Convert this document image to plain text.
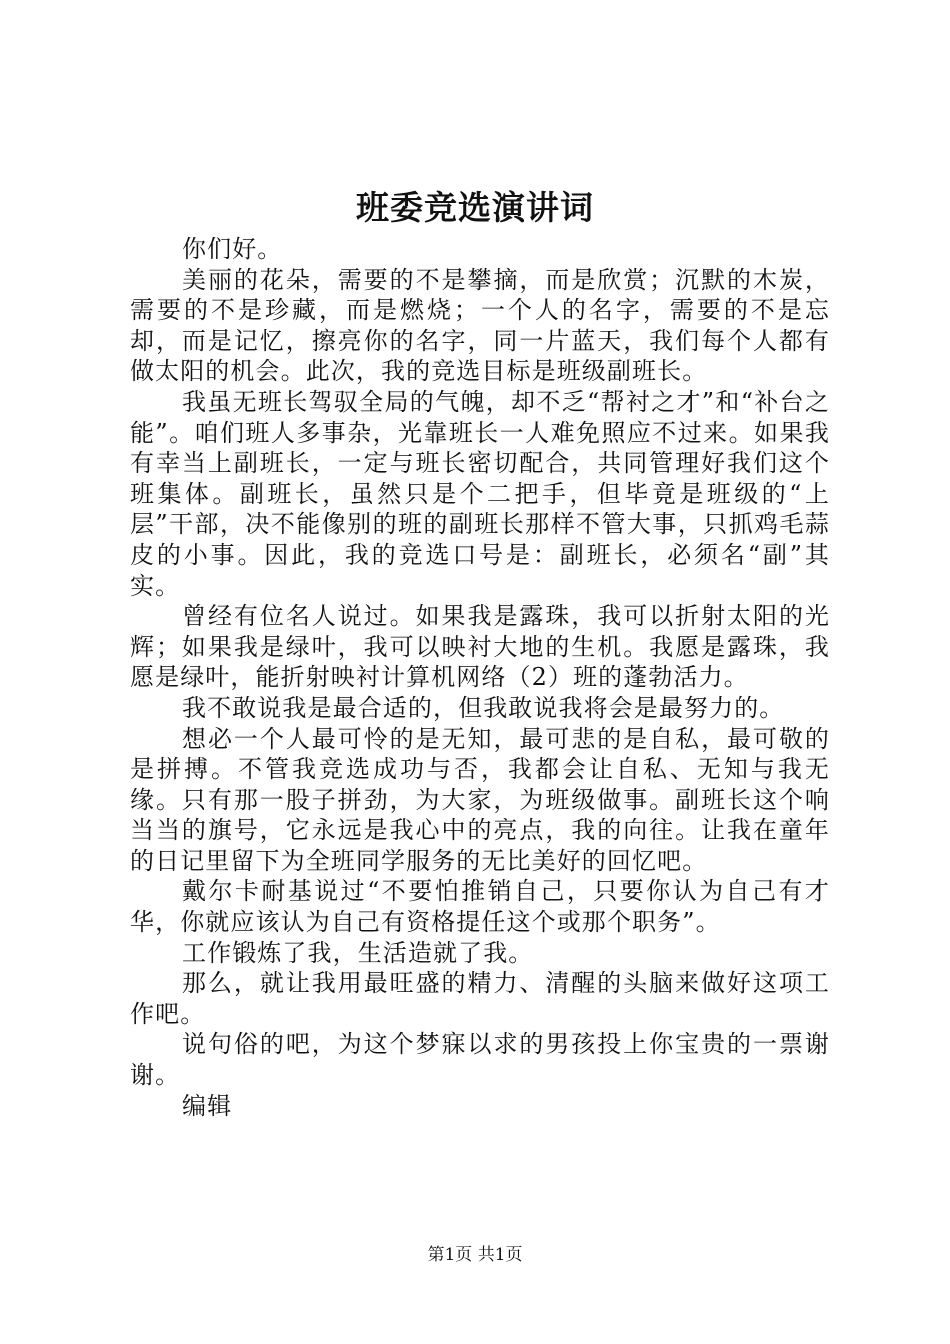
班委竞选演讲词

你们好。

美丽的花朵，需要的不是攀摘，而是欣赏；沉默的木炭，需要的不是珍藏，而是燃烧；一个人的名字，需要的不是忘却，而是记忆，擦亮你的名字，同一片蓝天，我们每个人都有做太阳的机会。此次，我的竞选目标是班级副班长。

我虽无班长驾驭全局的气魄，却不乏“帮衬之才”和“补台之能”。咱们班人多事杂，光靠班长一人难免照应不过来。如果我有幸当上副班长，一定与班长密切配合，共同管理好我们这个班集体。副班长，虽然只是个二把手，但毕竟是班级的“上层”干部，决不能像别的班的副班长那样不管大事，只抓鸡毛蒜皮的小事。因此，我的竞选口号是：副班长，必须名“副”其实。

曾经有位名人说过。如果我是露珠，我可以折射太阳的光辉；如果我是绿叶，我可以映衬大地的生机。我愿是露珠，我愿是绿叶，能折射映衬计算机网络（2）班的蓬勃活力。

我不敢说我是最合适的，但我敢说我将会是最努力的。

想必一个人最可怜的是无知，最可悲的是自私，最可敬的是拼搏。不管我竞选成功与否，我都会让自私、无知与我无缘。只有那一股子拼劲，为大家，为班级做事。副班长这个响当当的旗号，它永远是我心中的亮点，我的向往。让我在童年的日记里留下为全班同学服务的无比美好的回忆吧。

戴尔卡耐基说过“不要怕推销自己，只要你认为自己有才华，你就应该认为自己有资格提任这个或那个职务”。

工作锻炼了我，生活造就了我。

那么，就让我用最旺盛的精力、清醒的头脑来做好这项工作吧。

说句俗的吧，为这个梦寐以求的男孩投上你宝贵的一票谢谢。

编辑

第1页 共1页
